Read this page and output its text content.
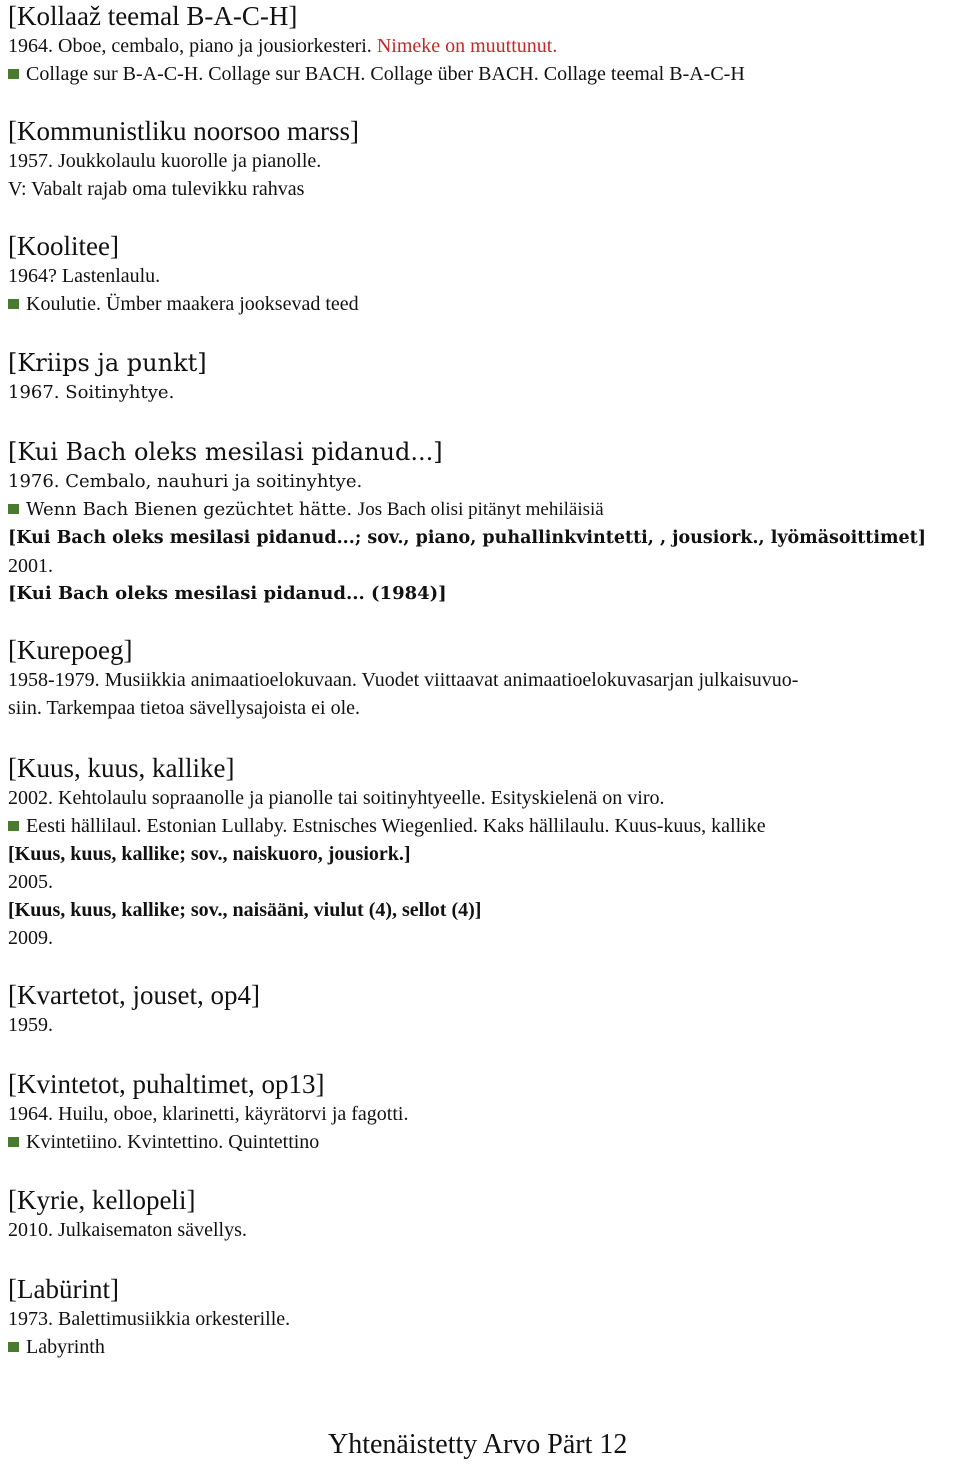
[Kollaaž teemal B-A-C-H]
1964. Oboe, cembalo, piano ja jousiorkesteri. Nimeke on muuttunut.
Collage sur B-A-C-H. Collage sur BACH. Collage über BACH. Collage teemal B-A-C-H
[Kommunistliku noorsoo marss]
1957. Joukkolaulu kuorolle ja pianolle.
V: Vabalt rajab oma tulevikku rahvas
[Koolitee]
1964? Lastenlaulu.
Koulutie. Ümber maakera jooksevad teed
[Kriips ja punkt]
1967. Soitinyhtye.
[Kui Bach oleks mesilasi pidanud...]
1976. Cembalo, nauhuri ja soitinyhtye.
Wenn Bach Bienen gezüchtet hätte. Jos Bach olisi pitänyt mehiläisiä
[Kui Bach oleks mesilasi pidanud...; sov., piano, puhallinkvintetti, , jousiork., lyömäsoittimet]
2001.
[Kui Bach oleks mesilasi pidanud... (1984)]
[Kurepoeg]
1958-1979. Musiikkia animaatioelokuvaan. Vuodet viittaavat animaatioelokuvasarjan julkaisuvuo-
siin. Tarkempaa tietoa sävellysajoista ei ole.
[Kuus, kuus, kallike]
2002. Kehtolaulu sopraanolle ja pianolle tai soitinyhtyeelle. Esityskielenä on viro.
Eesti hällilaul. Estonian Lullaby. Estnisches Wiegenlied. Kaks hällilaulu. Kuus-kuus, kallike
[Kuus, kuus, kallike; sov., naiskuoro, jousiork.]
2005.
[Kuus, kuus, kallike; sov., naisääni, viulut (4), sellot (4)]
2009.
[Kvartetot, jouset, op4]
1959.
[Kvintetot, puhaltimet, op13]
1964. Huilu, oboe, klarinetti, käyrätorvi ja fagotti.
Kvintetiino. Kvintettino. Quintettino
[Kyrie, kellopeli]
2010. Julkaisematon sävellys.
[Labürint]
1973. Balettimusiikkia orkesterille.
Labyrinth
Yhtenäistetty Arvo Pärt 12
